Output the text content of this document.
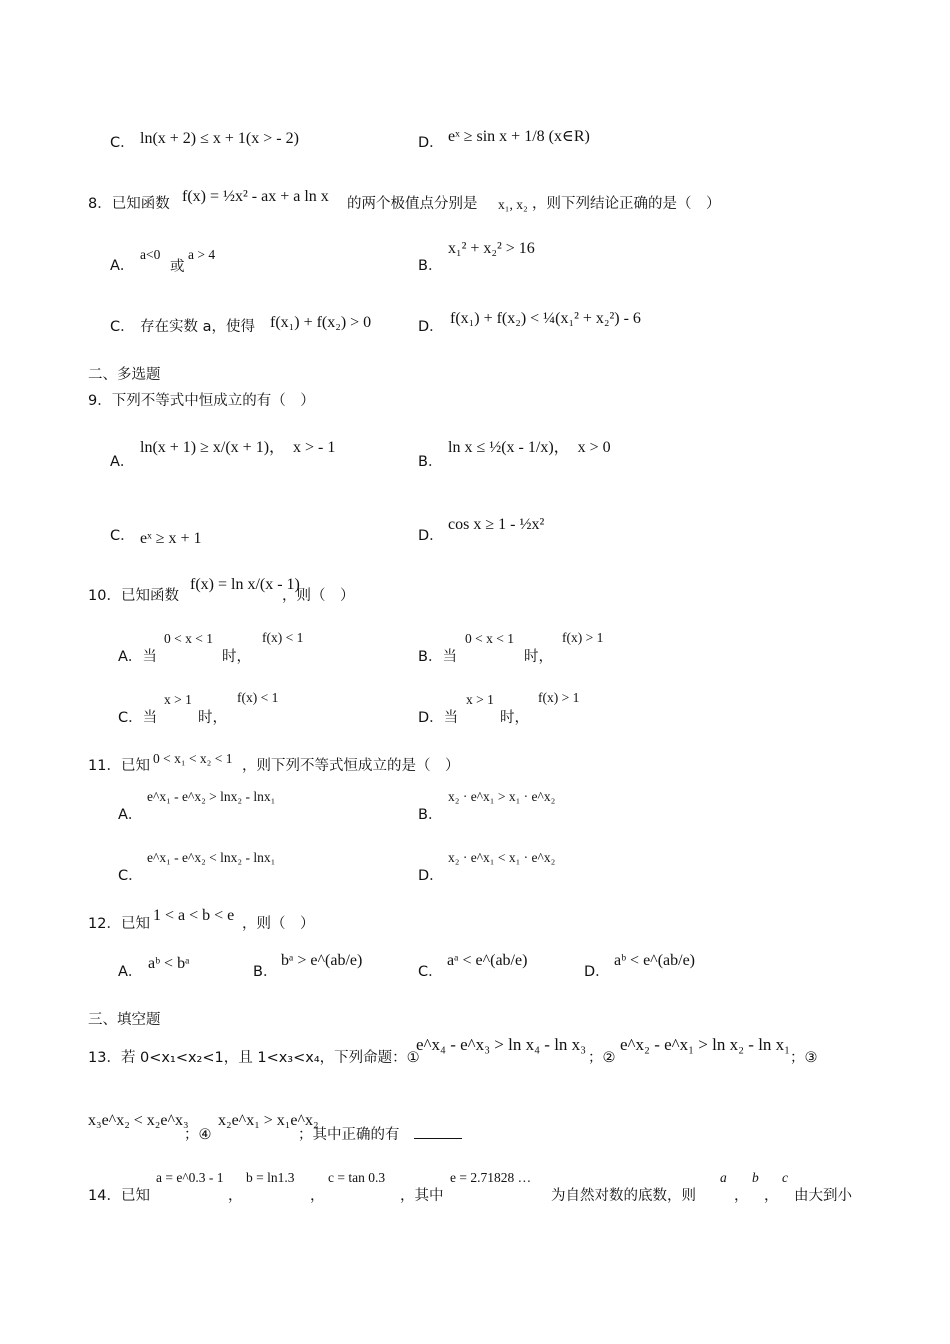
C． ln(x + 2) ≤ x + 1(x > - 2)	D． eˣ ≥ sin x + 1/8 (x∈R)
8．已知函数 f(x) = ½x² - ax + a ln x 的两个极值点分别是 x₁, x₂ ，则下列结论正确的是（　）
A．
a<0
或
a > 4
B．
x₁² + x₂² > 16
C． 存在实数 a，使得 f(x₁) + f(x₂) > 0	D． f(x₁) + f(x₂) < ¼(x₁² + x₂²) - 6
二、多选题
9．下列不等式中恒成立的有（　）
A．
ln(x + 1) ≥ x/(x + 1)，　x > - 1
B．
ln x ≤ ½(x - 1/x)，　x > 0
C． eˣ ≥ x + 1	D．
cos x ≥ 1 - ½x²
10．已知函数
f(x) = ln x/(x - 1)
，则（　）
A．当
0 < x < 1
时，
f(x) < 1
B．当
0 < x < 1
时，
f(x) > 1
C．当
x > 1
时，
f(x) < 1
D．当
x > 1
时，
f(x) > 1
11．已知 0 < x₁ < x₂ < 1 ，则下列不等式恒成立的是（　）
A．
e^x₁ - e^x₂ > lnx₂ - lnx₁
B．
x₂ · e^x₁ > x₁ · e^x₂
C．
e^x₁ - e^x₂ < lnx₂ - lnx₁
D．
x₂ · e^x₁ < x₁ · e^x₂
12．已知 1 < a < b < e ，则（　）
A． aᵇ < bᵃ	B．
bᵃ > e^(ab/e)
C．
aᵃ < e^(ab/e)
D．
aᵇ < e^(ab/e)
三、填空题
13．若 0<x₁<x₂<1，且 1<x₃<x₄，下列命题：①
e^x₄ - e^x₃ > ln x₄ - ln x₃
；②
e^x₂ - e^x₁ > ln x₂ - ln x₁
；③
x₃e^x₂ < x₂e^x₃
；④
x₂e^x₁ > x₁e^x₂
；其中正确的有
14．已知
a = e^0.3 - 1
，
b = ln1.3
，
c = tan 0.3
，其中
e = 2.71828 …
为自然对数的底数，则
a
，
b
，
c
由大到小
